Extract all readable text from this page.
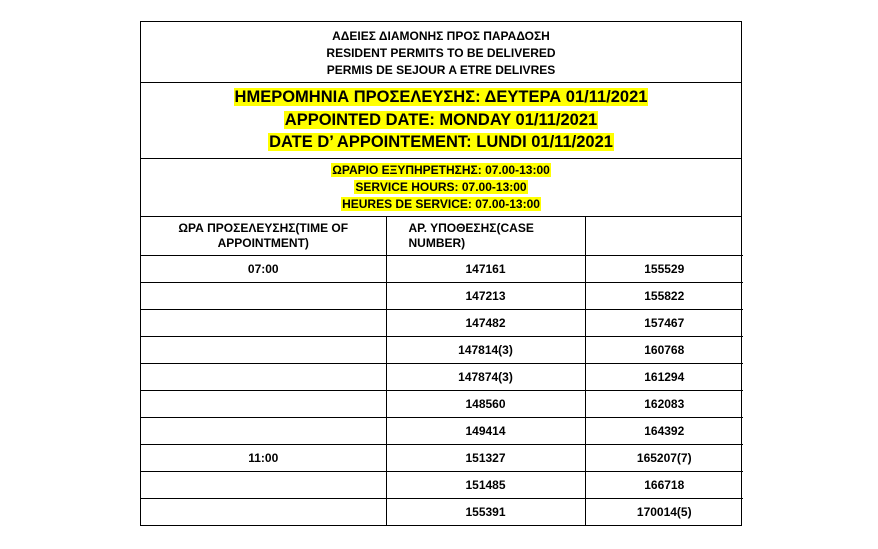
ΑΔΕΙΕΣ ΔΙΑΜΟΝΗΣ ΠΡΟΣ ΠΑΡΑΔΟΣΗ
RESIDENT PERMITS TO BE DELIVERED
PERMIS DE SEJOUR A ETRE DELIVRES
ΗΜΕΡΟΜΗΝΙΑ ΠΡΟΣΕΛΕΥΣΗΣ: ΔΕΥΤΕΡΑ 01/11/2021
APPOINTED DATE: MONDAY 01/11/2021
DATE D’ APPOINTEMENT: LUNDI 01/11/2021
ΩΡΑΡΙΟ ΕΞΥΠΗΡΕΤΗΣΗΣ: 07.00-13:00
SERVICE HOURS: 07.00-13:00
HEURES DE SERVICE: 07.00-13:00
ΩΡΑ ΠΡΟΣΕΛΕΥΣΗΣ(TIME OF APPOINTMENT)	ΑΡ. ΥΠΟΘΕΣΗΣ(CASE NUMBER)	
07:00	147161	155529
	147213	155822
	147482	157467
	147814(3)	160768
	147874(3)	161294
	148560	162083
	149414	164392
11:00	151327	165207(7)
	151485	166718
	155391	170014(5)
